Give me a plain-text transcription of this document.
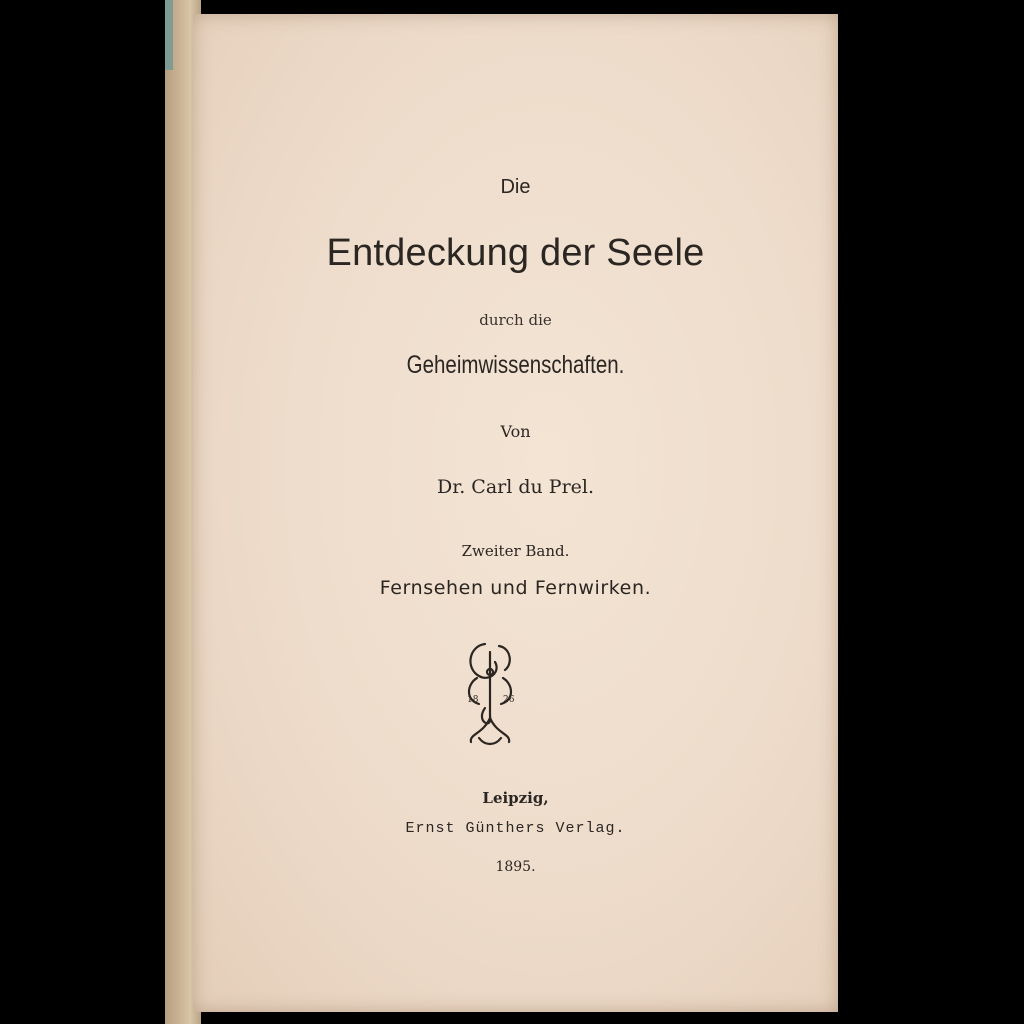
Die
Entdeckung der Seele
durch die
Geheimwissenschaften.
Von
Dr. Carl du Prel.
Zweiter Band.
Fernsehen und Fernwirken.
18	26
Leipzig,
Ernst Günthers Verlag.
1895.
